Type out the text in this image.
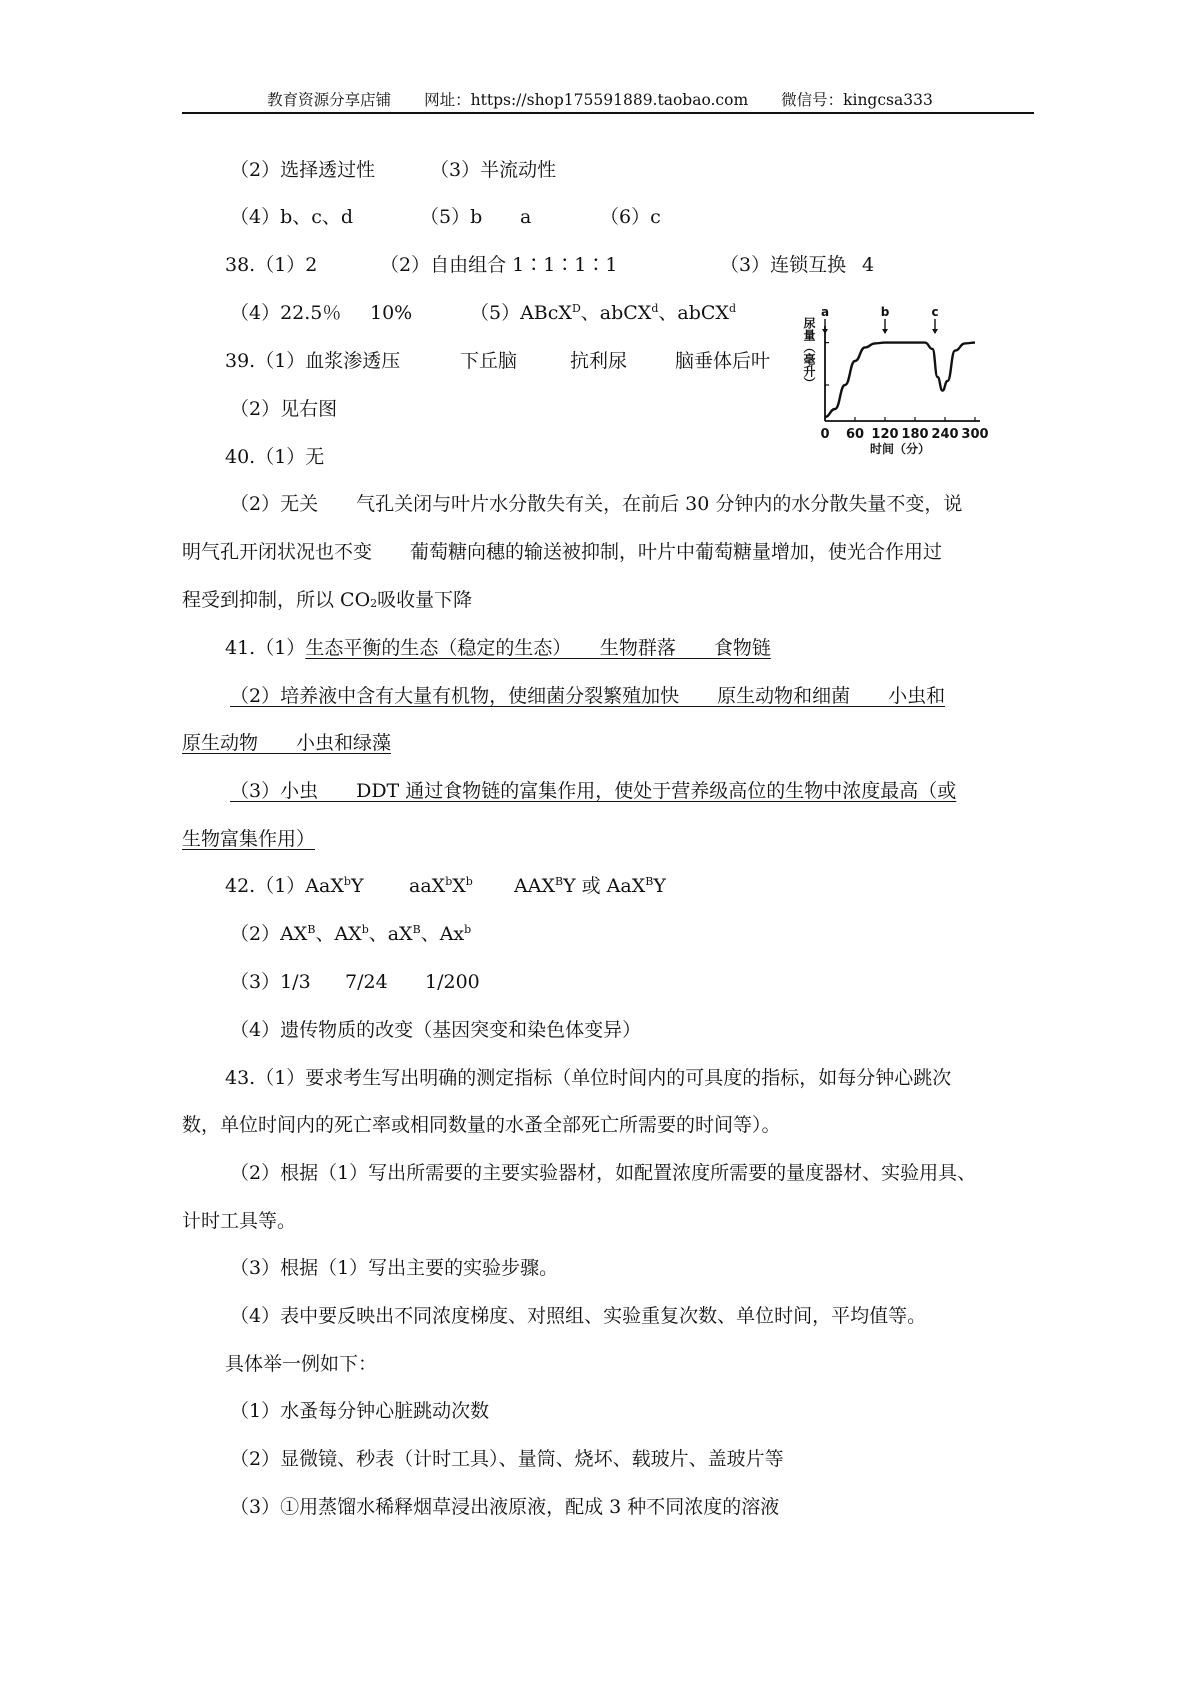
教育资源分享店铺 网址：https://shop175591889.taobao.com 微信号：kingcsa333
（2）选择透过性	（3）半流动性
（4）b、c、d	（5）b a	（6）c
38.（1）2	（2）自由组合 1∶1∶1∶1	（3）连锁互换 4
（4）22.5％ 10%	（5）ABcX$^D$、abCX$^d$、abCX$^d$
39.（1）血浆渗透压	下丘脑	抗利尿	脑垂体后叶
（2）见右图
0 60 120 180 240 300
时间（分）
尿量（毫升）
a	b	c
40.（1）无
（2）无关　　气孔关闭与叶片水分散失有关，在前后 30 分钟内的水分散失量不变，说
明气孔开闭状况也不变　　葡萄糖向穗的输送被抑制，叶片中葡萄糖量增加，使光合作用过
程受到抑制，所以 $CO_2$吸收量下降
41.（1）生态平衡的生态（稳定的生态）　　生物群落　　食物链
（2）培养液中含有大量有机物，使细菌分裂繁殖加快　　原生动物和细菌　　小虫和
原生动物　　小虫和绿藻
（3）小虫　　DDT 通过食物链的富集作用，使处于营养级高位的生物中浓度最高（或
生物富集作用）
42.（1）AaX$^b$Y $aaX^bX^b$ $AAX^BY$ 或 AaX$^B$Y
$(2)AX^B$、$AX^b$、$aX^B$、Ax$^b$
（3）1/3 7/24 1/200
（4）遗传物质的改变（基因突变和染色体变异）
43.（1）要求考生写出明确的测定指标（单位时间内的可具度的指标，如每分钟心跳次
数，单位时间内的死亡率或相同数量的水蚤全部死亡所需要的时间等）。
（2）根据（1）写出所需要的主要实验器材，如配置浓度所需要的量度器材、实验用具、
计时工具等。
（3）根据（1）写出主要的实验步骤。
（4）表中要反映出不同浓度梯度、对照组、实验重复次数、单位时间，平均值等。
具体举一例如下：
（1）水蚤每分钟心脏跳动次数
（2）显微镜、秒表（计时工具）、量筒、烧坏、载玻片、盖玻片等
（3）①用蒸馏水稀释烟草浸出液原液，配成 3 种不同浓度的溶液
